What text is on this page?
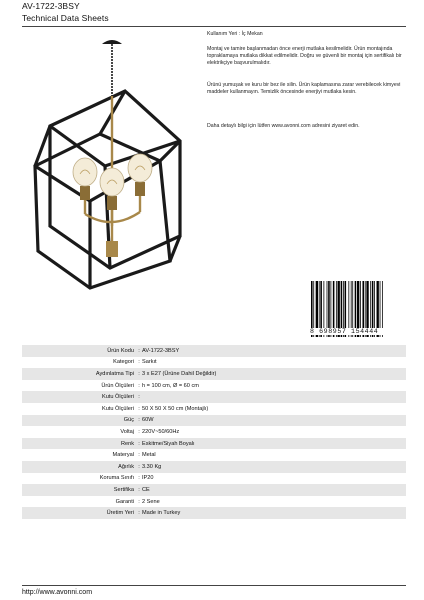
AV-1722-3BSY
Technical Data Sheets
Kullanım Yeri : İç Mekan
Montaj ve tamire başlanmadan önce enerji mutlaka kesilmelidir. Ürün montajında topraklamaya mutlaka dikkat edilmelidir. Doğru ve güvenli bir montaj için sertifikalı bir elektrikçiye başvurulmalıdır.
Ürünü yumuşak ve kuru bir bez ile silin. Ürün kaplamasına zarar verebilecek kimyevi maddeler kullanmayın. Temizlik öncesinde enerjiyi mutlaka kesin.
Daha detaylı bilgi için lütfen www.avonni.com adresini ziyaret edin.
8 698957 154444
Ürün Kodu : AV-1722-3BSY
Kategori : Sarkıt
Aydınlatma Tipi : 3 x E27 (Ürüne Dahil Değildir)
Ürün Ölçüleri : h = 100 cm, Ø = 60 cm
Kutu Ölçüleri :
Kutu Ölçüleri : 50 X 50 X 50 cm (Montajlı)
Güç : 60W
Voltaj : 220V~50/60Hz
Renk : Eskitme/Siyah Boyalı
Materyal : Metal
Ağırlık : 3.30 Kg
Koruma Sınıfı : IP20
Sertifika : CE
Garanti : 2 Sene
Üretim Yeri : Made in Turkey
http://www.avonni.com
